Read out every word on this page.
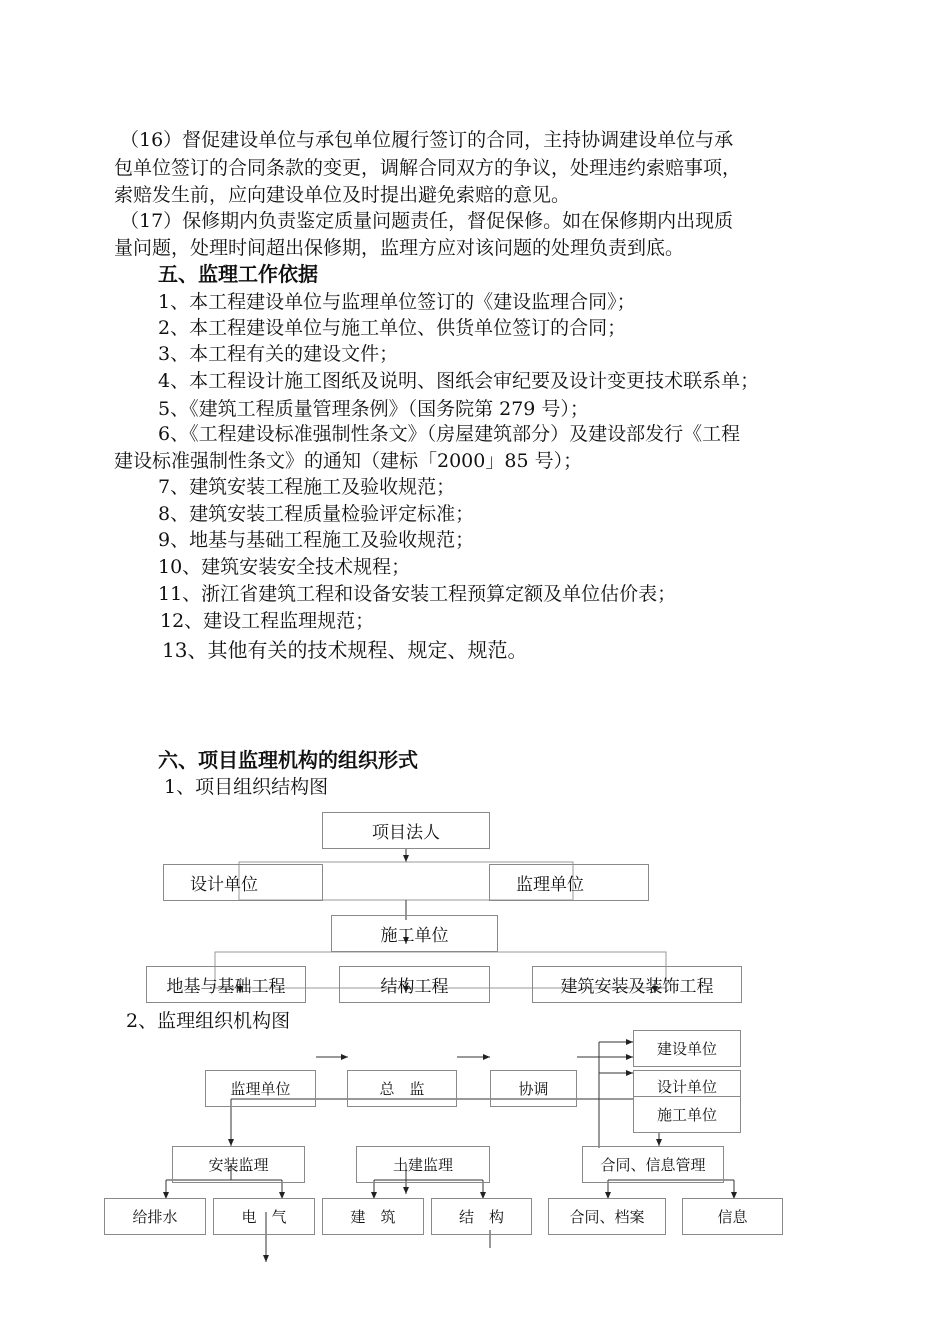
（16）督促建设单位与承包单位履行签订的合同，主持协调建设单位与承
包单位签订的合同条款的变更，调解合同双方的争议，处理违约索赔事项，
索赔发生前，应向建设单位及时提出避免索赔的意见。
（17）保修期内负责鉴定质量问题责任，督促保修。如在保修期内出现质
量问题，处理时间超出保修期，监理方应对该问题的处理负责到底。
五、监理工作依据
1、本工程建设单位与监理单位签订的《建设监理合同》；
2、本工程建设单位与施工单位、供货单位签订的合同；
3、本工程有关的建设文件；
4、本工程设计施工图纸及说明、图纸会审纪要及设计变更技术联系单；
5、《建筑工程质量管理条例》（国务院第 279 号）；
6、《工程建设标准强制性条文》（房屋建筑部分）及建设部发行《工程
建设标准强制性条文》的通知（建标「2000」85 号）；
7、建筑安装工程施工及验收规范；
8、建筑安装工程质量检验评定标准；
9、地基与基础工程施工及验收规范；
10、建筑安装安全技术规程；
11、浙江省建筑工程和设备安装工程预算定额及单位估价表；
12、建设工程监理规范；
13、其他有关的技术规程、规定、规范。
六、项目监理机构的组织形式
1、项目组织结构图
项目法人
设计单位	监理单位
施工单位
地基与基础工程	结构工程	建筑安装及装饰工程
2、监理组织机构图
建设单位
监理单位	总　监	协调	设计单位
施工单位
安装监理	土建监理	合同、信息管理
给排水	电　气	建　筑	结　构	合同、档案	信息
